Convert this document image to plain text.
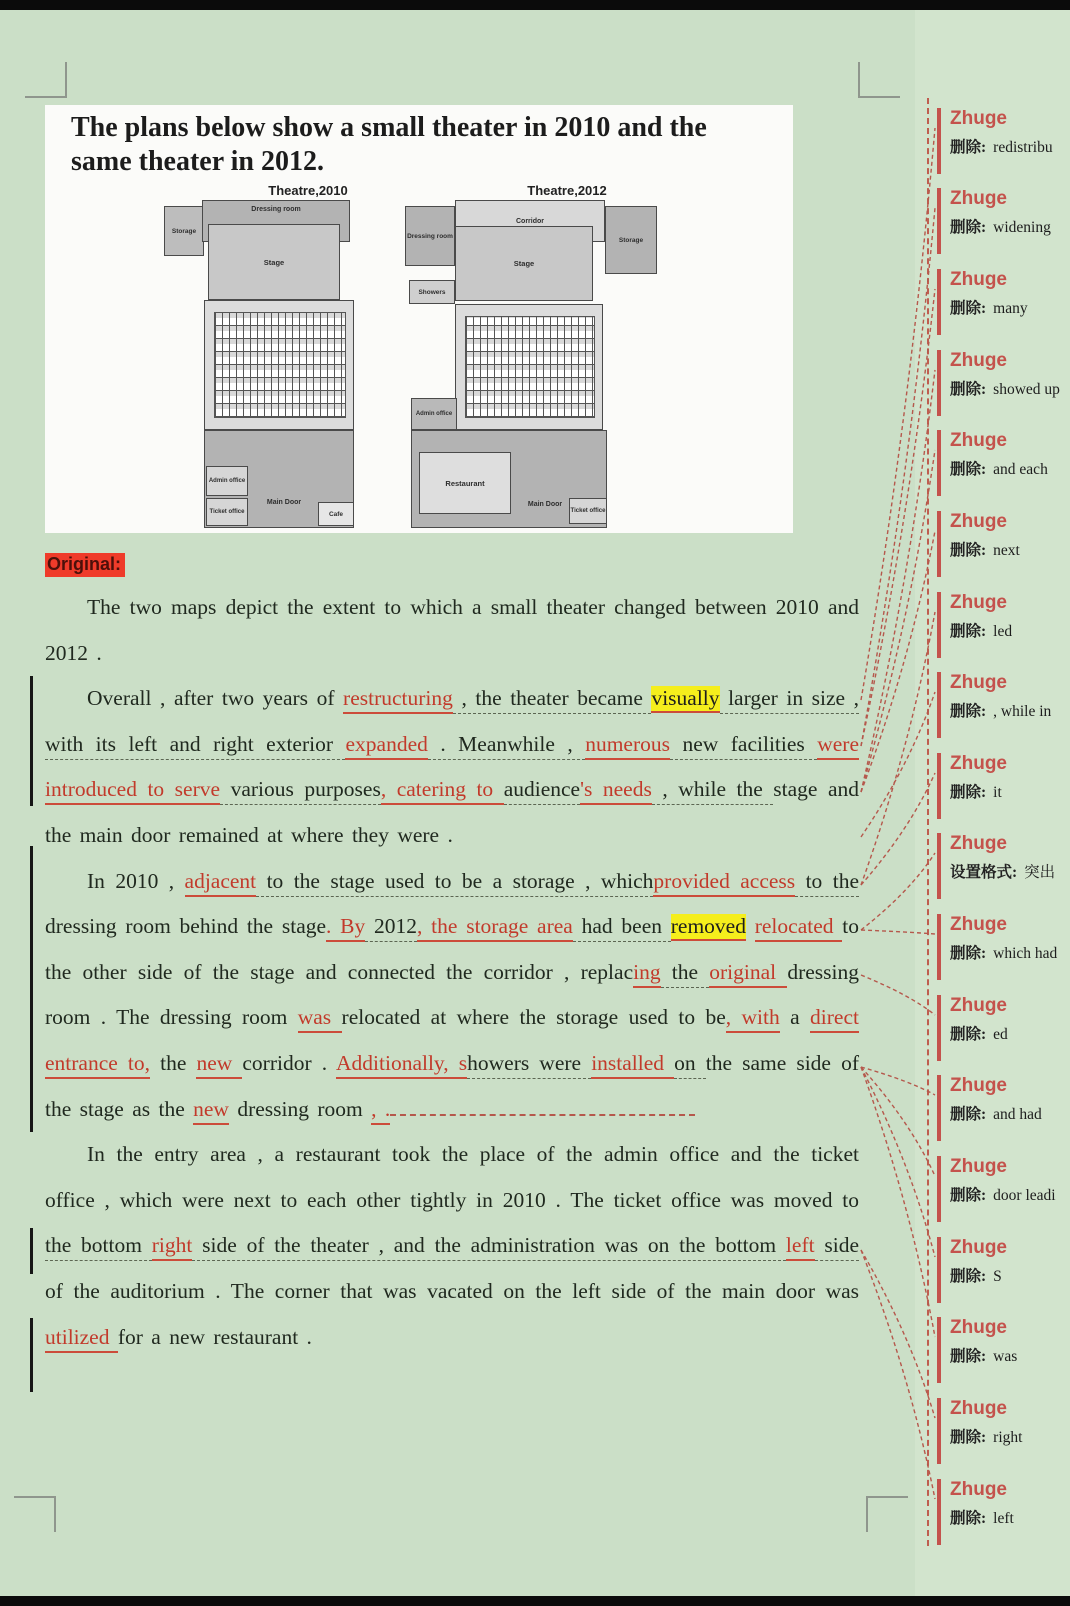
The plans below show a small theater in 2010 and the same theater in 2012.
Theatre,2010	Theatre,2012
Storage
Dressing room
Stage
Admin office
Ticket office
Main Door
Cafe
Dressing room
Corridor
Storage
Stage
Showers
Admin office
Restaurant
Main Door
Ticket office
Original:

The two maps depict the extent to which a small theater changed between 2010 and 2012 .

Overall , after two years of restructuring , the theater became visually larger in size , with its left and right exterior expanded . Meanwhile , numerous new facilities were introduced to serve various purposes, catering to audience's needs , while the stage and the main door remained at where they were .

In 2010 , adjacent to the stage used to be a storage , whichprovided access to the dressing room behind the stage. By 2012, the storage area had been removed relocated to the other side of the stage and connected the corridor , replacing the original dressing room . The dressing room was relocated at where the storage used to be, with a direct entrance to, the new corridor . Additionally, showers were installed on the same side of the stage as the new dressing room , .

In the entry area , a restaurant took the place of the admin office and the ticket office , which were next to each other tightly in 2010 . The ticket office was moved to the bottom right side of the theater , and the administration was on the bottom left side of the auditorium . The corner that was vacated on the left side of the main door was utilized for a new restaurant .

Zhuge
删除: redistribu
Zhuge
删除: widening
Zhuge
删除: many
Zhuge
删除: showed up
Zhuge
删除: and each
Zhuge
删除: next
Zhuge
删除: led
Zhuge
删除: , while in
Zhuge
删除: it
Zhuge
设置格式: 突出
Zhuge
删除: which had
Zhuge
删除: ed
Zhuge
删除: and had
Zhuge
删除: door leadi
Zhuge
删除: S
Zhuge
删除: was
Zhuge
删除: right
Zhuge
删除: left
